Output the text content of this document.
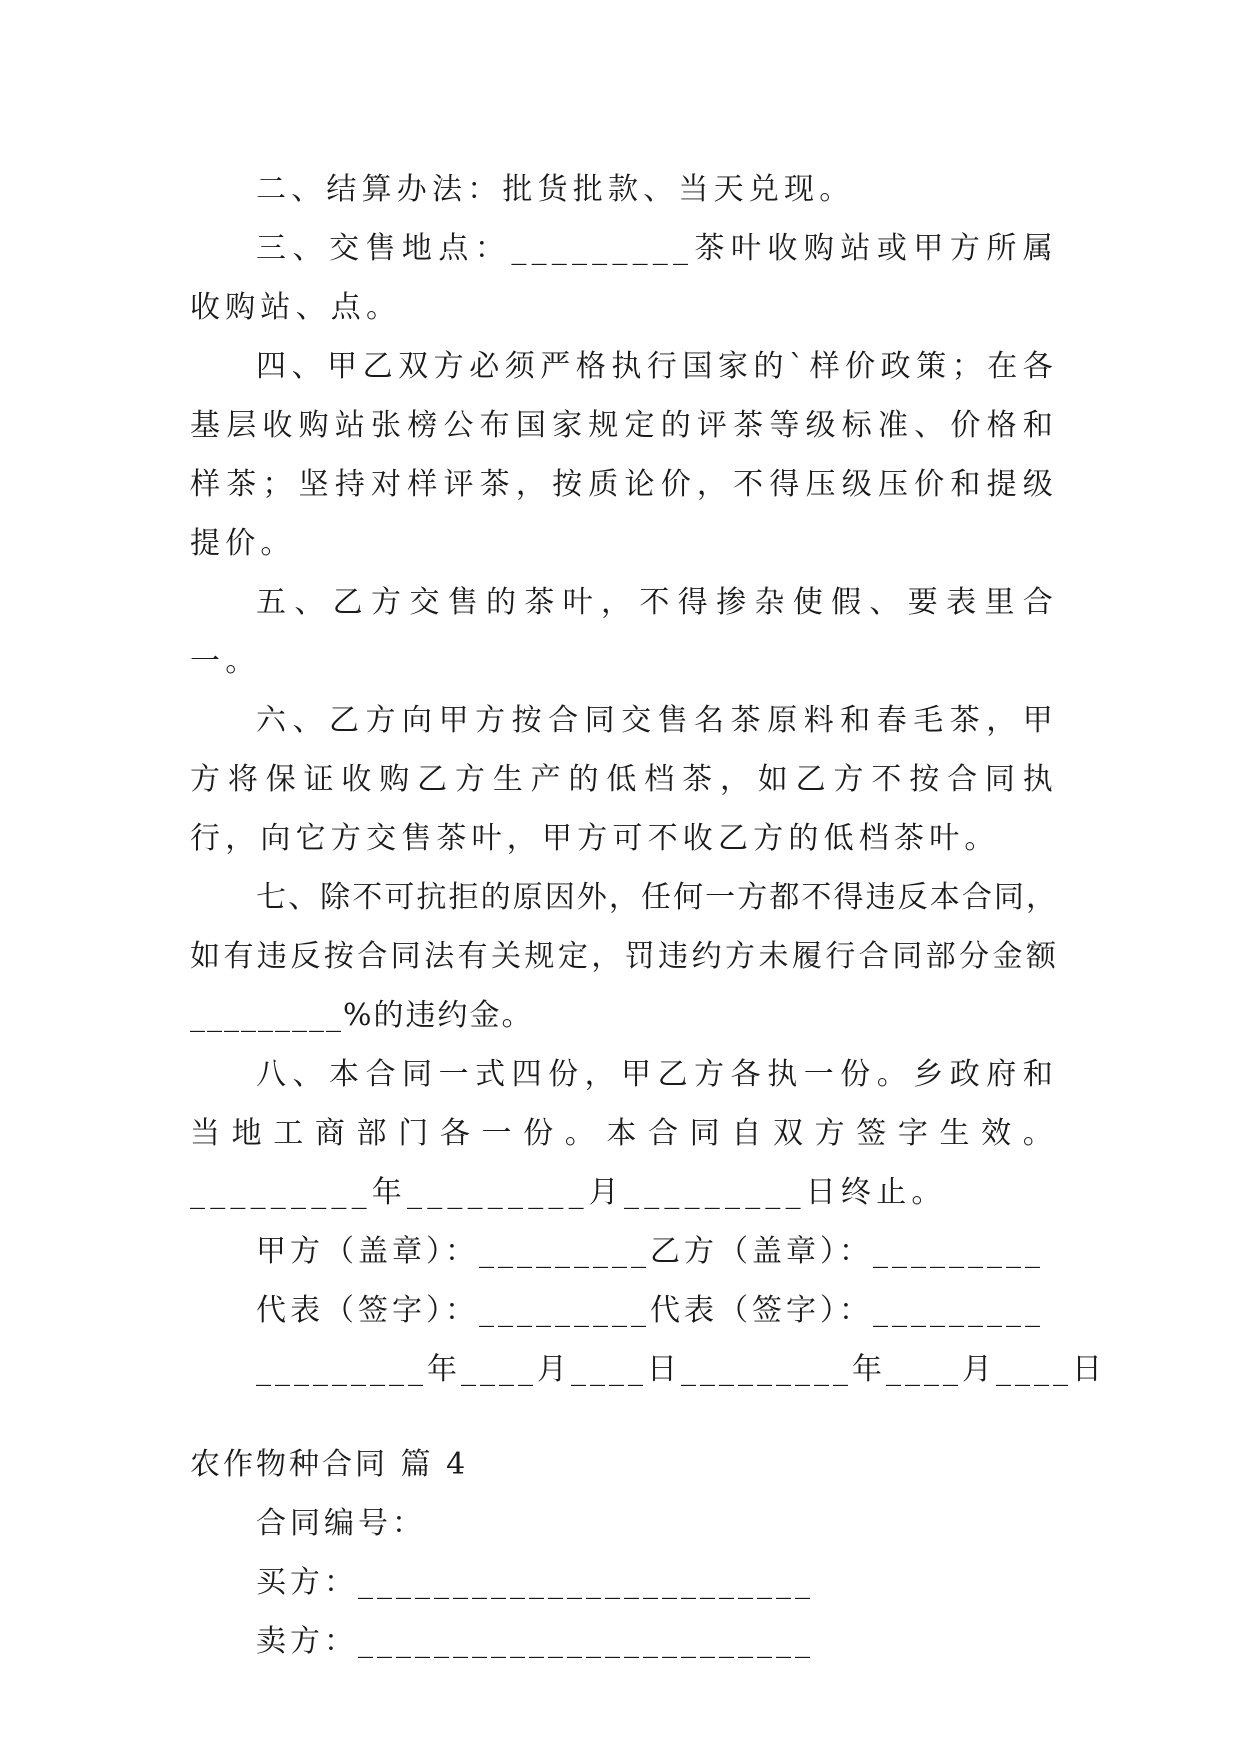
二、结算办法：批货批款、当天兑现。

三、交售地点：_________茶叶收购站或甲方所属收购站、点。

四、甲乙双方必须严格执行国家的`样价政策；在各基层收购站张榜公布国家规定的评茶等级标准、价格和样茶；坚持对样评茶，按质论价，不得压级压价和提级提价。

五、乙方交售的茶叶，不得掺杂使假、要表里合一。

六、乙方向甲方按合同交售名茶原料和春毛茶，甲方将保证收购乙方生产的低档茶，如乙方不按合同执行，向它方交售茶叶，甲方可不收乙方的低档茶叶。

七、除不可抗拒的原因外，任何一方都不得违反本合同，如有违反按合同法有关规定，罚违约方未履行合同部分金额_________%的违约金。

八、本合同一式四份，甲乙方各执一份。乡政府和当地工商部门各一份。本合同自双方签字生效。_________年_________月_________日终止。

甲方（盖章）：_________乙方（盖章）：_________

代表（签字）：_________代表（签字）：_________

_________年____月____日_________年____月____日

农作物种合同 篇 4

合同编号：

买方：________________________

卖方：________________________
